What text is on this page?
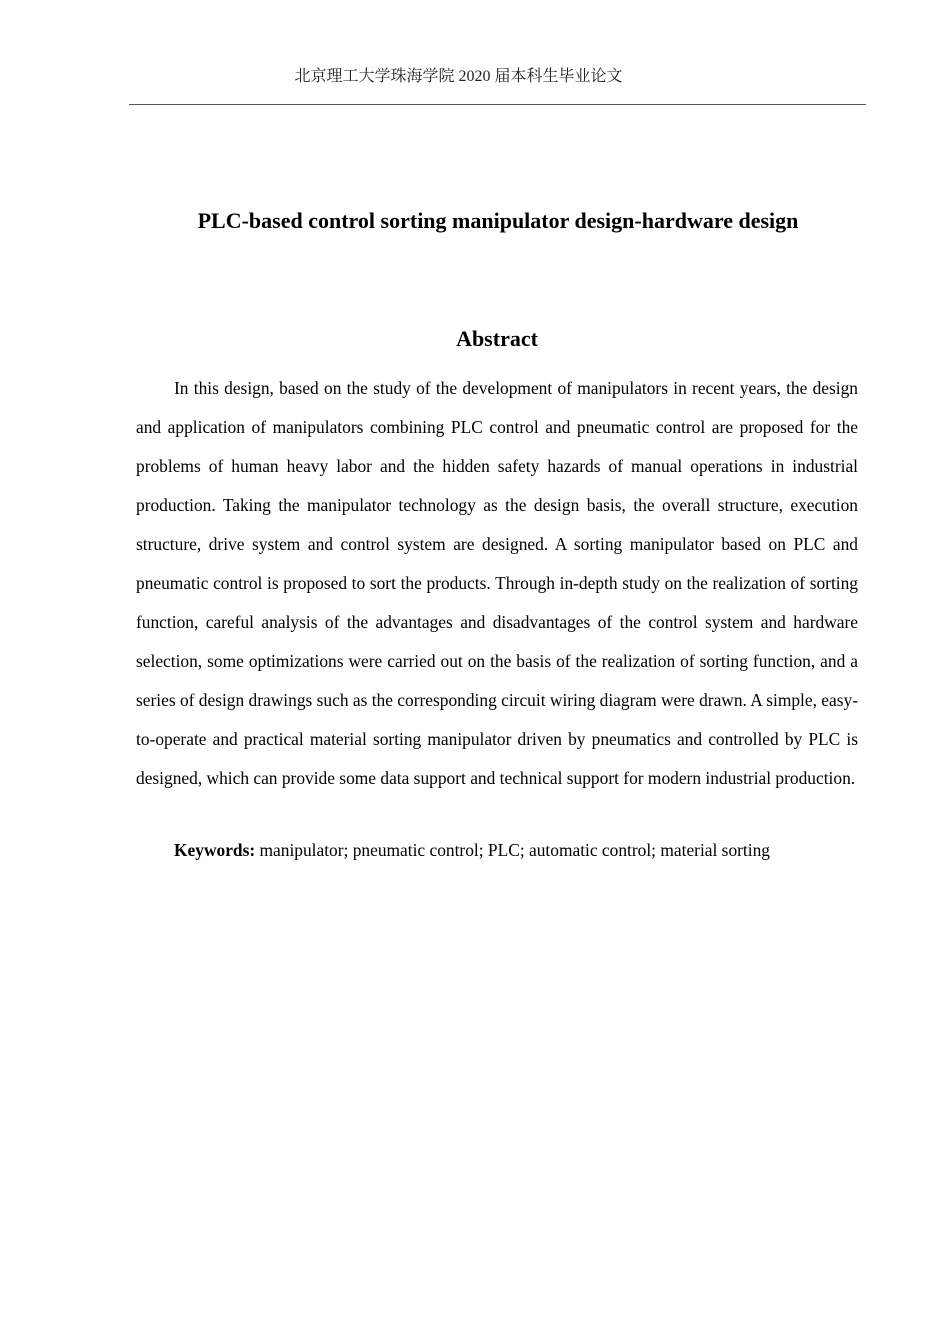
北京理工大学珠海学院 2020 届本科生毕业论文
PLC-based control sorting manipulator design-hardware design
Abstract

In this design, based on the study of the development of manipulators in recent years, the design and application of manipulators combining PLC control and pneumatic control are proposed for the problems of human heavy labor and the hidden safety hazards of manual operations in industrial production. Taking the manipulator technology as the design basis, the overall structure, execution structure, drive system and control system are designed. A sorting manipulator based on PLC and pneumatic control is proposed to sort the products. Through in-depth study on the realization of sorting function, careful analysis of the advantages and disadvantages of the control system and hardware selection, some optimizations were carried out on the basis of the realization of sorting function, and a series of design drawings such as the corresponding circuit wiring diagram were drawn. A simple, easy-to-operate and practical material sorting manipulator driven by pneumatics and controlled by PLC is designed, which can provide some data support and technical support for modern industrial production.

Keywords: manipulator; pneumatic control; PLC; automatic control; material sorting
